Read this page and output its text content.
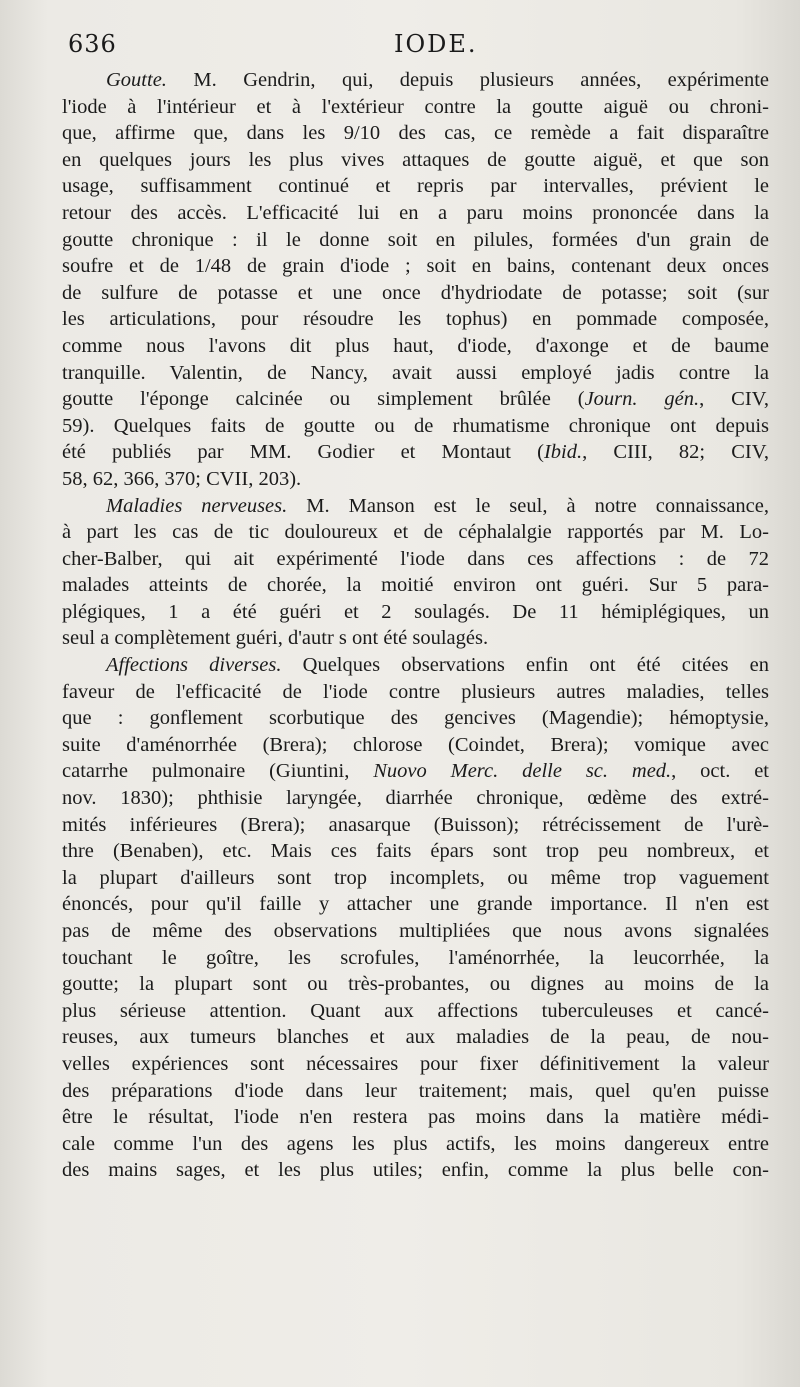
636	IODE.
Goutte. M. Gendrin, qui, depuis plusieurs années, expérimente
l'iode à l'intérieur et à l'extérieur contre la goutte aiguë ou chroni-
que, affirme que, dans les 9/10 des cas, ce remède a fait disparaître
en quelques jours les plus vives attaques de goutte aiguë, et que son
usage, suffisamment continué et repris par intervalles, prévient le
retour des accès. L'efficacité lui en a paru moins prononcée dans la
goutte chronique : il le donne soit en pilules, formées d'un grain de
soufre et de 1/48 de grain d'iode ; soit en bains, contenant deux onces
de sulfure de potasse et une once d'hydriodate de potasse; soit (sur
les articulations, pour résoudre les tophus) en pommade composée,
comme nous l'avons dit plus haut, d'iode, d'axonge et de baume
tranquille. Valentin, de Nancy, avait aussi employé jadis contre la
goutte l'éponge calcinée ou simplement brûlée (Journ. gén., CIV,
59). Quelques faits de goutte ou de rhumatisme chronique ont depuis
été publiés par MM. Godier et Montaut (Ibid., CIII, 82; CIV,
58, 62, 366, 370; CVII, 203).
Maladies nerveuses. M. Manson est le seul, à notre connaissance,
à part les cas de tic douloureux et de céphalalgie rapportés par M. Lo-
cher-Balber, qui ait expérimenté l'iode dans ces affections : de 72
malades atteints de chorée, la moitié environ ont guéri. Sur 5 para-
plégiques, 1 a été guéri et 2 soulagés. De 11 hémiplégiques, un
seul a complètement guéri, d'autr s ont été soulagés.
Affections diverses. Quelques observations enfin ont été citées en
faveur de l'efficacité de l'iode contre plusieurs autres maladies, telles
que : gonflement scorbutique des gencives (Magendie); hémoptysie,
suite d'aménorrhée (Brera); chlorose (Coindet, Brera); vomique avec
catarrhe pulmonaire (Giuntini, Nuovo Merc. delle sc. med., oct. et
nov. 1830); phthisie laryngée, diarrhée chronique, œdème des extré-
mités inférieures (Brera); anasarque (Buisson); rétrécissement de l'urè-
thre (Benaben), etc. Mais ces faits épars sont trop peu nombreux, et
la plupart d'ailleurs sont trop incomplets, ou même trop vaguement
énoncés, pour qu'il faille y attacher une grande importance. Il n'en est
pas de même des observations multipliées que nous avons signalées
touchant le goître, les scrofules, l'aménorrhée, la leucorrhée, la
goutte; la plupart sont ou très-probantes, ou dignes au moins de la
plus sérieuse attention. Quant aux affections tuberculeuses et cancé-
reuses, aux tumeurs blanches et aux maladies de la peau, de nou-
velles expériences sont nécessaires pour fixer définitivement la valeur
des préparations d'iode dans leur traitement; mais, quel qu'en puisse
être le résultat, l'iode n'en restera pas moins dans la matière médi-
cale comme l'un des agens les plus actifs, les moins dangereux entre
des mains sages, et les plus utiles; enfin, comme la plus belle con-
